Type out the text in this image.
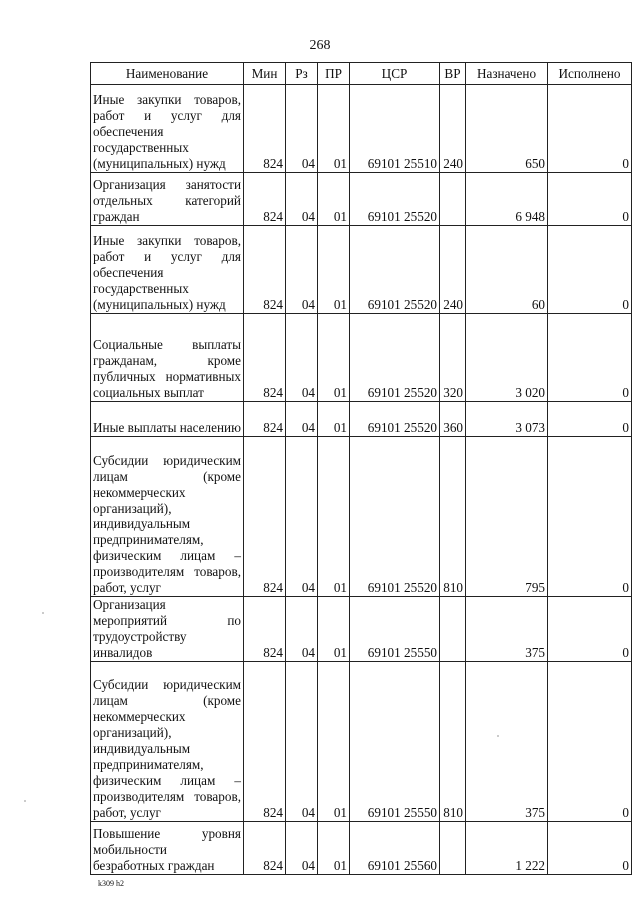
268
Наименование	Мин	Рз	ПР	ЦСР	ВР	Назначено	Исполнено
Иные закупки товаров, работ и услуг для обеспечения государственных (муниципальных) нужд	824	04	01	69101 25510	240	650	0
Организация занятости отдельных категорий граждан	824	04	01	69101 25520		6 948	0
Иные закупки товаров, работ и услуг для обеспечения государственных (муниципальных) нужд	824	04	01	69101 25520	240	60	0
Социальные выплаты гражданам, кроме публичных нормативных социальных выплат	824	04	01	69101 25520	320	3 020	0
Иные выплаты населению	824	04	01	69101 25520	360	3 073	0
Субсидии юридическим лицам (кроме некоммерческих организаций), индивидуальным предпринимателям, физическим лицам – производителям товаров, работ, услуг	824	04	01	69101 25520	810	795	0
Организация мероприятий по трудоустройству инвалидов	824	04	01	69101 25550		375	0
Субсидии юридическим лицам (кроме некоммерческих организаций), индивидуальным предпринимателям, физическим лицам – производителям товаров, работ, услуг	824	04	01	69101 25550	810	375	0
Повышение уровня мобильности безработных граждан	824	04	01	69101 25560		1 222	0
k309 h2
